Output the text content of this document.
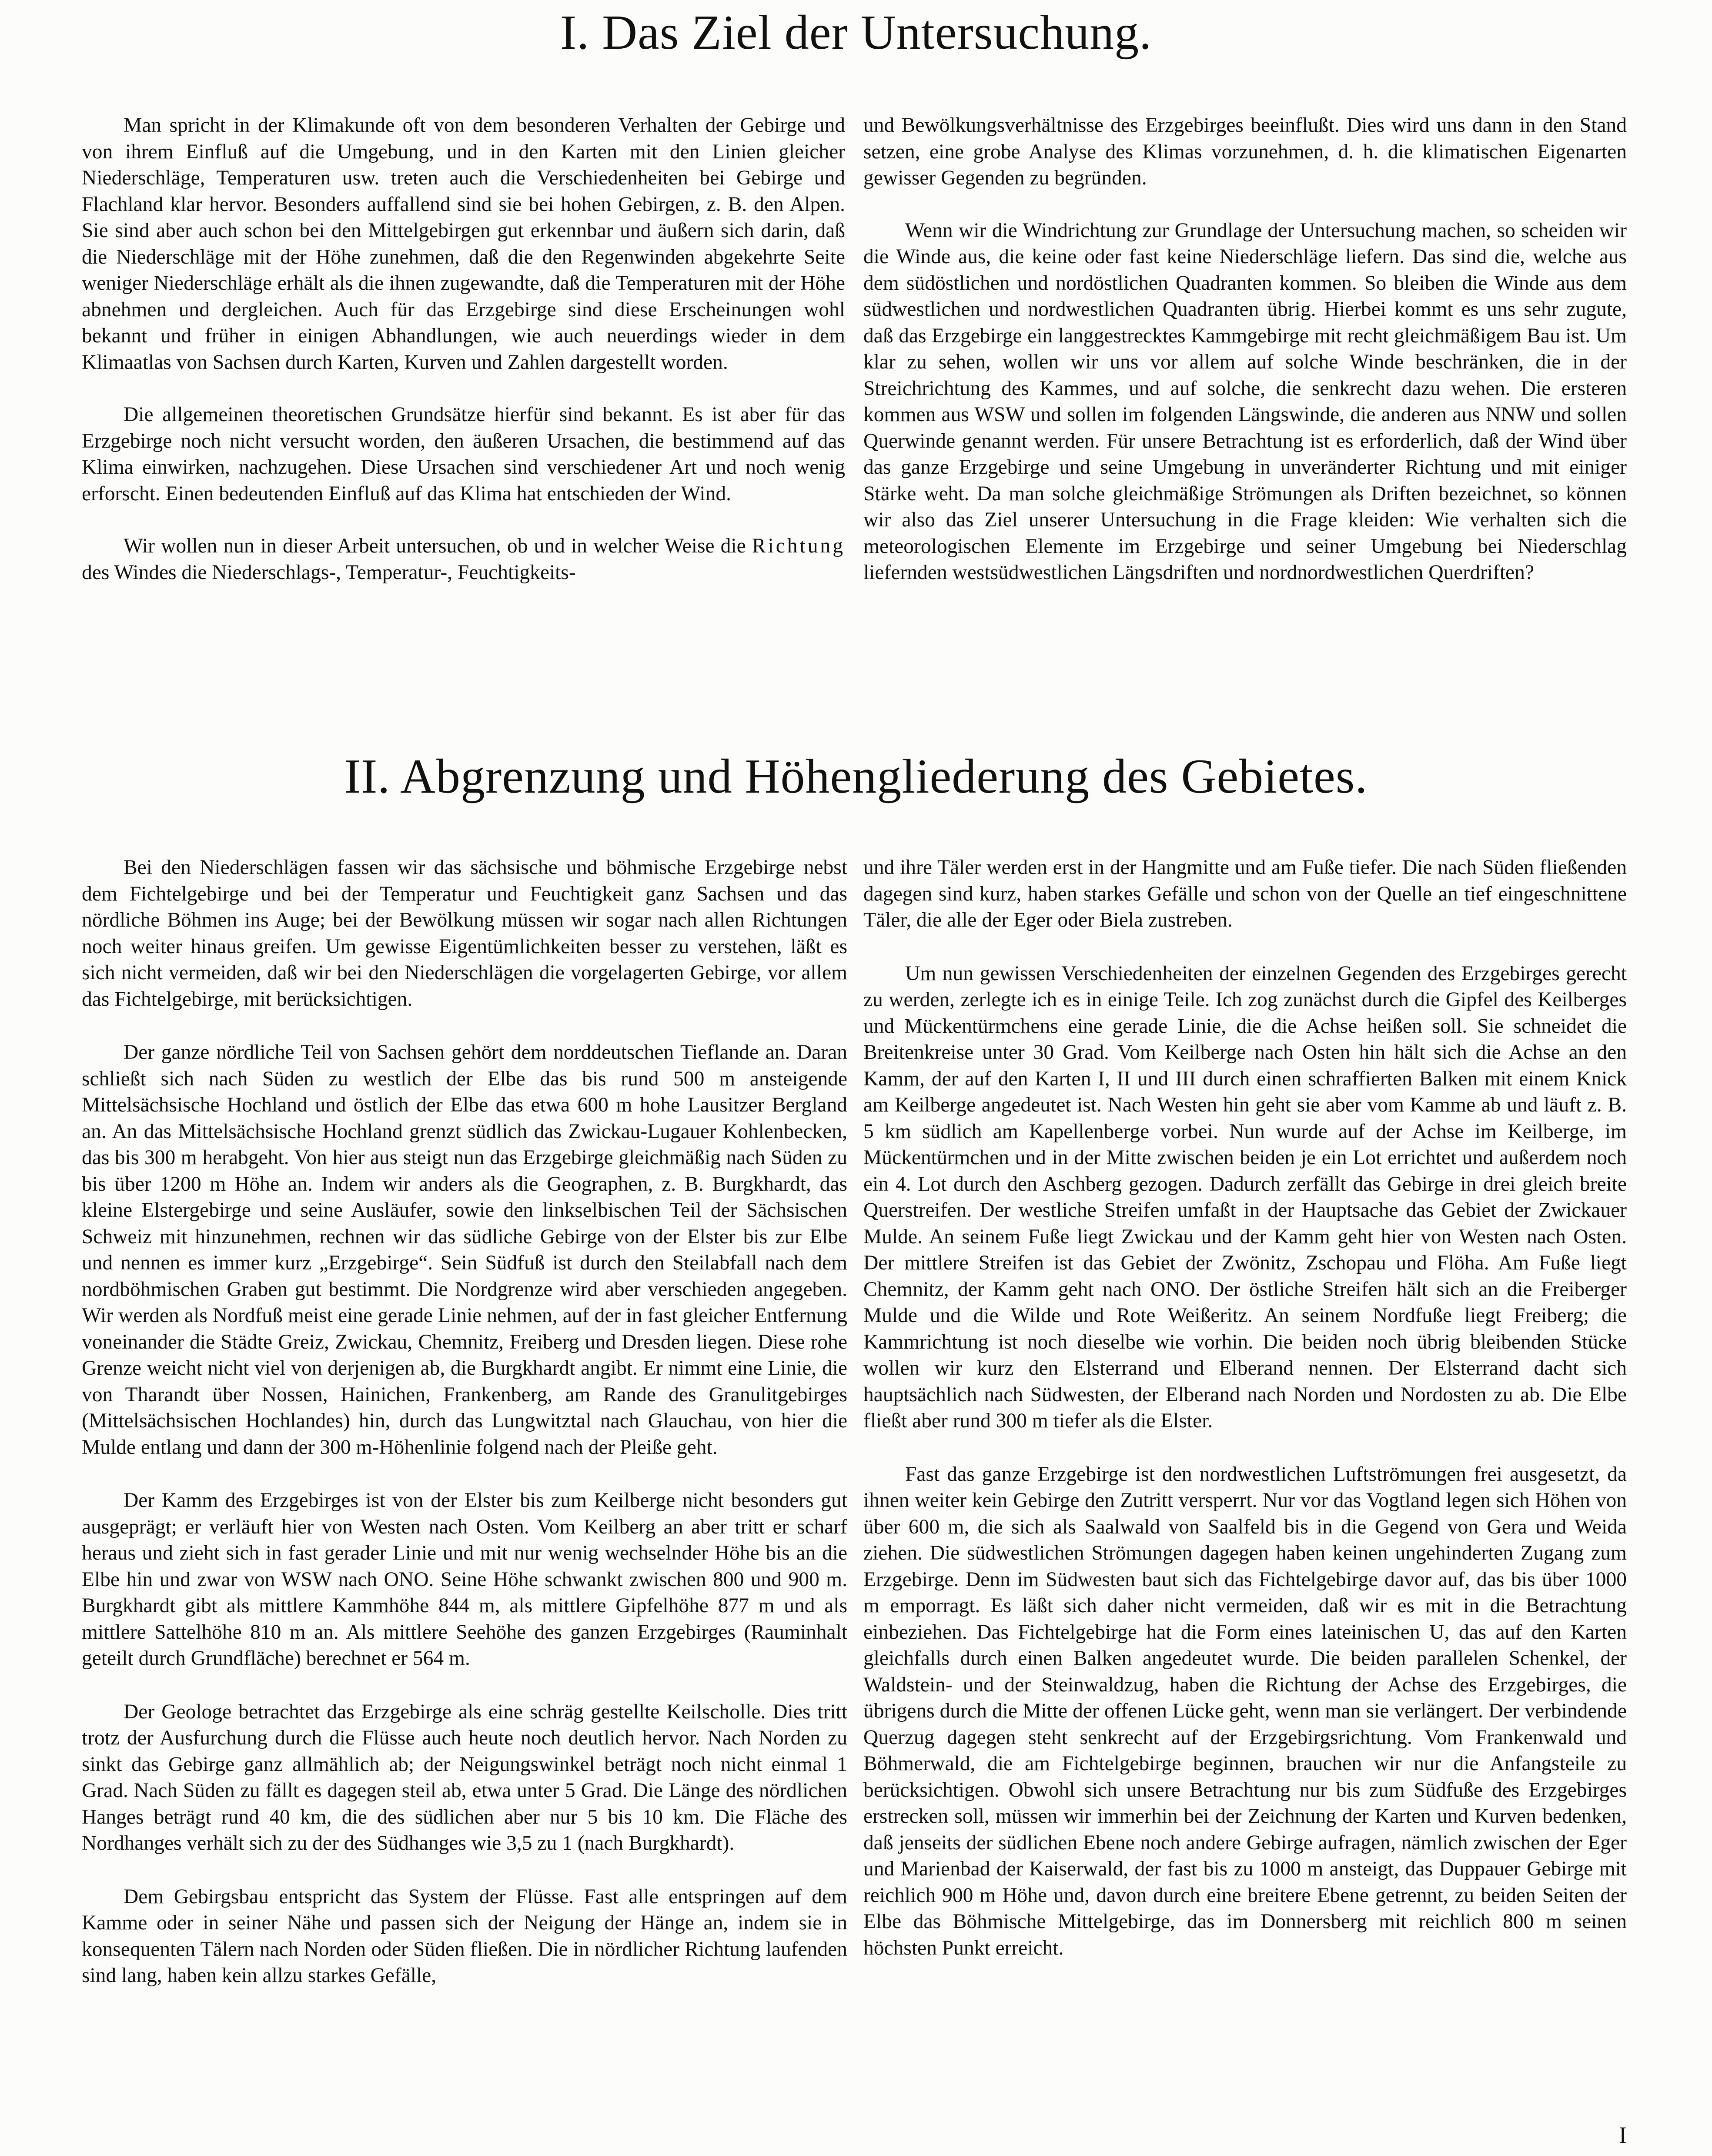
I. Das Ziel der Untersuchung.

Man spricht in der Klimakunde oft von dem besonderen Verhalten der Gebirge und von ihrem Einfluß auf die Umgebung, und in den Karten mit den Linien gleicher Niederschläge, Temperaturen usw. treten auch die Verschiedenheiten bei Gebirge und Flachland klar hervor. Besonders auffallend sind sie bei hohen Gebirgen, z. B. den Alpen. Sie sind aber auch schon bei den Mittelgebirgen gut erkennbar und äußern sich darin, daß die Niederschläge mit der Höhe zunehmen, daß die den Regenwinden abgekehrte Seite weniger Niederschläge erhält als die ihnen zugewandte, daß die Temperaturen mit der Höhe abnehmen und dergleichen. Auch für das Erzgebirge sind diese Erscheinungen wohl bekannt und früher in einigen Abhandlungen, wie auch neuerdings wieder in dem Klimaatlas von Sachsen durch Karten, Kurven und Zahlen dargestellt worden.

Die allgemeinen theoretischen Grundsätze hierfür sind bekannt. Es ist aber für das Erzgebirge noch nicht versucht worden, den äußeren Ursachen, die bestimmend auf das Klima einwirken, nachzugehen. Diese Ursachen sind verschiedener Art und noch wenig erforscht. Einen bedeutenden Einfluß auf das Klima hat entschieden der Wind.

Wir wollen nun in dieser Arbeit untersuchen, ob und in welcher Weise die Richtung des Windes die Niederschlags-, Temperatur-, Feuchtigkeits-

und Bewölkungsverhältnisse des Erzgebirges beeinflußt. Dies wird uns dann in den Stand setzen, eine grobe Analyse des Klimas vorzunehmen, d. h. die klimatischen Eigenarten gewisser Gegenden zu begründen.

Wenn wir die Windrichtung zur Grundlage der Untersuchung machen, so scheiden wir die Winde aus, die keine oder fast keine Niederschläge liefern. Das sind die, welche aus dem südöstlichen und nordöstlichen Quadranten kommen. So bleiben die Winde aus dem südwestlichen und nordwestlichen Quadranten übrig. Hierbei kommt es uns sehr zugute, daß das Erzgebirge ein langgestrecktes Kammgebirge mit recht gleichmäßigem Bau ist. Um klar zu sehen, wollen wir uns vor allem auf solche Winde beschränken, die in der Streichrichtung des Kammes, und auf solche, die senkrecht dazu wehen. Die ersteren kommen aus WSW und sollen im folgenden Längswinde, die anderen aus NNW und sollen Querwinde genannt werden. Für unsere Betrachtung ist es erforderlich, daß der Wind über das ganze Erzgebirge und seine Umgebung in unveränderter Richtung und mit einiger Stärke weht. Da man solche gleichmäßige Strömungen als Driften bezeichnet, so können wir also das Ziel unserer Untersuchung in die Frage kleiden: Wie verhalten sich die meteorologischen Elemente im Erzgebirge und seiner Umgebung bei Niederschlag liefernden westsüdwestlichen Längsdriften und nordnordwestlichen Querdriften?

II. Abgrenzung und Höhengliederung des Gebietes.

Bei den Niederschlägen fassen wir das sächsische und böhmische Erzgebirge nebst dem Fichtelgebirge und bei der Temperatur und Feuchtigkeit ganz Sachsen und das nördliche Böhmen ins Auge; bei der Bewölkung müssen wir sogar nach allen Richtungen noch weiter hinaus greifen. Um gewisse Eigentümlichkeiten besser zu verstehen, läßt es sich nicht vermeiden, daß wir bei den Niederschlägen die vorgelagerten Gebirge, vor allem das Fichtelgebirge, mit berücksichtigen.

Der ganze nördliche Teil von Sachsen gehört dem norddeutschen Tieflande an. Daran schließt sich nach Süden zu westlich der Elbe das bis rund 500 m ansteigende Mittelsächsische Hochland und östlich der Elbe das etwa 600 m hohe Lausitzer Bergland an. An das Mittelsächsische Hochland grenzt südlich das Zwickau-Lugauer Kohlenbecken, das bis 300 m herabgeht. Von hier aus steigt nun das Erzgebirge gleichmäßig nach Süden zu bis über 1200 m Höhe an. Indem wir anders als die Geographen, z. B. Burgkhardt, das kleine Elstergebirge und seine Ausläufer, sowie den linkselbischen Teil der Sächsischen Schweiz mit hinzunehmen, rechnen wir das südliche Gebirge von der Elster bis zur Elbe und nennen es immer kurz „Erzgebirge“. Sein Südfuß ist durch den Steilabfall nach dem nordböhmischen Graben gut bestimmt. Die Nordgrenze wird aber verschieden angegeben. Wir werden als Nordfuß meist eine gerade Linie nehmen, auf der in fast gleicher Entfernung voneinander die Städte Greiz, Zwickau, Chemnitz, Freiberg und Dresden liegen. Diese rohe Grenze weicht nicht viel von derjenigen ab, die Burgkhardt angibt. Er nimmt eine Linie, die von Tharandt über Nossen, Hainichen, Frankenberg, am Rande des Granulitgebirges (Mittelsächsischen Hochlandes) hin, durch das Lungwitztal nach Glauchau, von hier die Mulde entlang und dann der 300 m-Höhenlinie folgend nach der Pleiße geht.

Der Kamm des Erzgebirges ist von der Elster bis zum Keilberge nicht besonders gut ausgeprägt; er verläuft hier von Westen nach Osten. Vom Keilberg an aber tritt er scharf heraus und zieht sich in fast gerader Linie und mit nur wenig wechselnder Höhe bis an die Elbe hin und zwar von WSW nach ONO. Seine Höhe schwankt zwischen 800 und 900 m. Burgkhardt gibt als mittlere Kammhöhe 844 m, als mittlere Gipfelhöhe 877 m und als mittlere Sattelhöhe 810 m an. Als mittlere Seehöhe des ganzen Erzgebirges (Rauminhalt geteilt durch Grundfläche) berechnet er 564 m.

Der Geologe betrachtet das Erzgebirge als eine schräg gestellte Keilscholle. Dies tritt trotz der Ausfurchung durch die Flüsse auch heute noch deutlich hervor. Nach Norden zu sinkt das Gebirge ganz allmählich ab; der Neigungswinkel beträgt noch nicht einmal 1 Grad. Nach Süden zu fällt es dagegen steil ab, etwa unter 5 Grad. Die Länge des nördlichen Hanges beträgt rund 40 km, die des südlichen aber nur 5 bis 10 km. Die Fläche des Nordhanges verhält sich zu der des Südhanges wie 3,5 zu 1 (nach Burgkhardt).

Dem Gebirgsbau entspricht das System der Flüsse. Fast alle entspringen auf dem Kamme oder in seiner Nähe und passen sich der Neigung der Hänge an, indem sie in konsequenten Tälern nach Norden oder Süden fließen. Die in nördlicher Richtung laufenden sind lang, haben kein allzu starkes Gefälle,

und ihre Täler werden erst in der Hangmitte und am Fuße tiefer. Die nach Süden fließenden dagegen sind kurz, haben starkes Gefälle und schon von der Quelle an tief eingeschnittene Täler, die alle der Eger oder Biela zustreben.

Um nun gewissen Verschiedenheiten der einzelnen Gegenden des Erzgebirges gerecht zu werden, zerlegte ich es in einige Teile. Ich zog zunächst durch die Gipfel des Keilberges und Mückentürmchens eine gerade Linie, die die Achse heißen soll. Sie schneidet die Breitenkreise unter 30 Grad. Vom Keilberge nach Osten hin hält sich die Achse an den Kamm, der auf den Karten I, II und III durch einen schraffierten Balken mit einem Knick am Keilberge angedeutet ist. Nach Westen hin geht sie aber vom Kamme ab und läuft z. B. 5 km südlich am Kapellenberge vorbei. Nun wurde auf der Achse im Keilberge, im Mückentürmchen und in der Mitte zwischen beiden je ein Lot errichtet und außerdem noch ein 4. Lot durch den Aschberg gezogen. Dadurch zerfällt das Gebirge in drei gleich breite Querstreifen. Der westliche Streifen umfaßt in der Hauptsache das Gebiet der Zwickauer Mulde. An seinem Fuße liegt Zwickau und der Kamm geht hier von Westen nach Osten. Der mittlere Streifen ist das Gebiet der Zwönitz, Zschopau und Flöha. Am Fuße liegt Chemnitz, der Kamm geht nach ONO. Der östliche Streifen hält sich an die Freiberger Mulde und die Wilde und Rote Weißeritz. An seinem Nordfuße liegt Freiberg; die Kammrichtung ist noch dieselbe wie vorhin. Die beiden noch übrig bleibenden Stücke wollen wir kurz den Elsterrand und Elberand nennen. Der Elsterrand dacht sich hauptsächlich nach Südwesten, der Elberand nach Norden und Nordosten zu ab. Die Elbe fließt aber rund 300 m tiefer als die Elster.

Fast das ganze Erzgebirge ist den nordwestlichen Luftströmungen frei ausgesetzt, da ihnen weiter kein Gebirge den Zutritt versperrt. Nur vor das Vogtland legen sich Höhen von über 600 m, die sich als Saalwald von Saalfeld bis in die Gegend von Gera und Weida ziehen. Die südwestlichen Strömungen dagegen haben keinen ungehinderten Zugang zum Erzgebirge. Denn im Südwesten baut sich das Fichtelgebirge davor auf, das bis über 1000 m emporragt. Es läßt sich daher nicht vermeiden, daß wir es mit in die Betrachtung einbeziehen. Das Fichtelgebirge hat die Form eines lateinischen U, das auf den Karten gleichfalls durch einen Balken angedeutet wurde. Die beiden parallelen Schenkel, der Waldstein- und der Steinwaldzug, haben die Richtung der Achse des Erzgebirges, die übrigens durch die Mitte der offenen Lücke geht, wenn man sie verlängert. Der verbindende Querzug dagegen steht senkrecht auf der Erzgebirgsrichtung. Vom Frankenwald und Böhmerwald, die am Fichtelgebirge beginnen, brauchen wir nur die Anfangsteile zu berücksichtigen. Obwohl sich unsere Betrachtung nur bis zum Südfuße des Erzgebirges erstrecken soll, müssen wir immerhin bei der Zeichnung der Karten und Kurven bedenken, daß jenseits der südlichen Ebene noch andere Gebirge aufragen, nämlich zwischen der Eger und Marienbad der Kaiserwald, der fast bis zu 1000 m ansteigt, das Duppauer Gebirge mit reichlich 900 m Höhe und, davon durch eine breitere Ebene getrennt, zu beiden Seiten der Elbe das Böhmische Mittelgebirge, das im Donnersberg mit reichlich 800 m seinen höchsten Punkt erreicht.

I
